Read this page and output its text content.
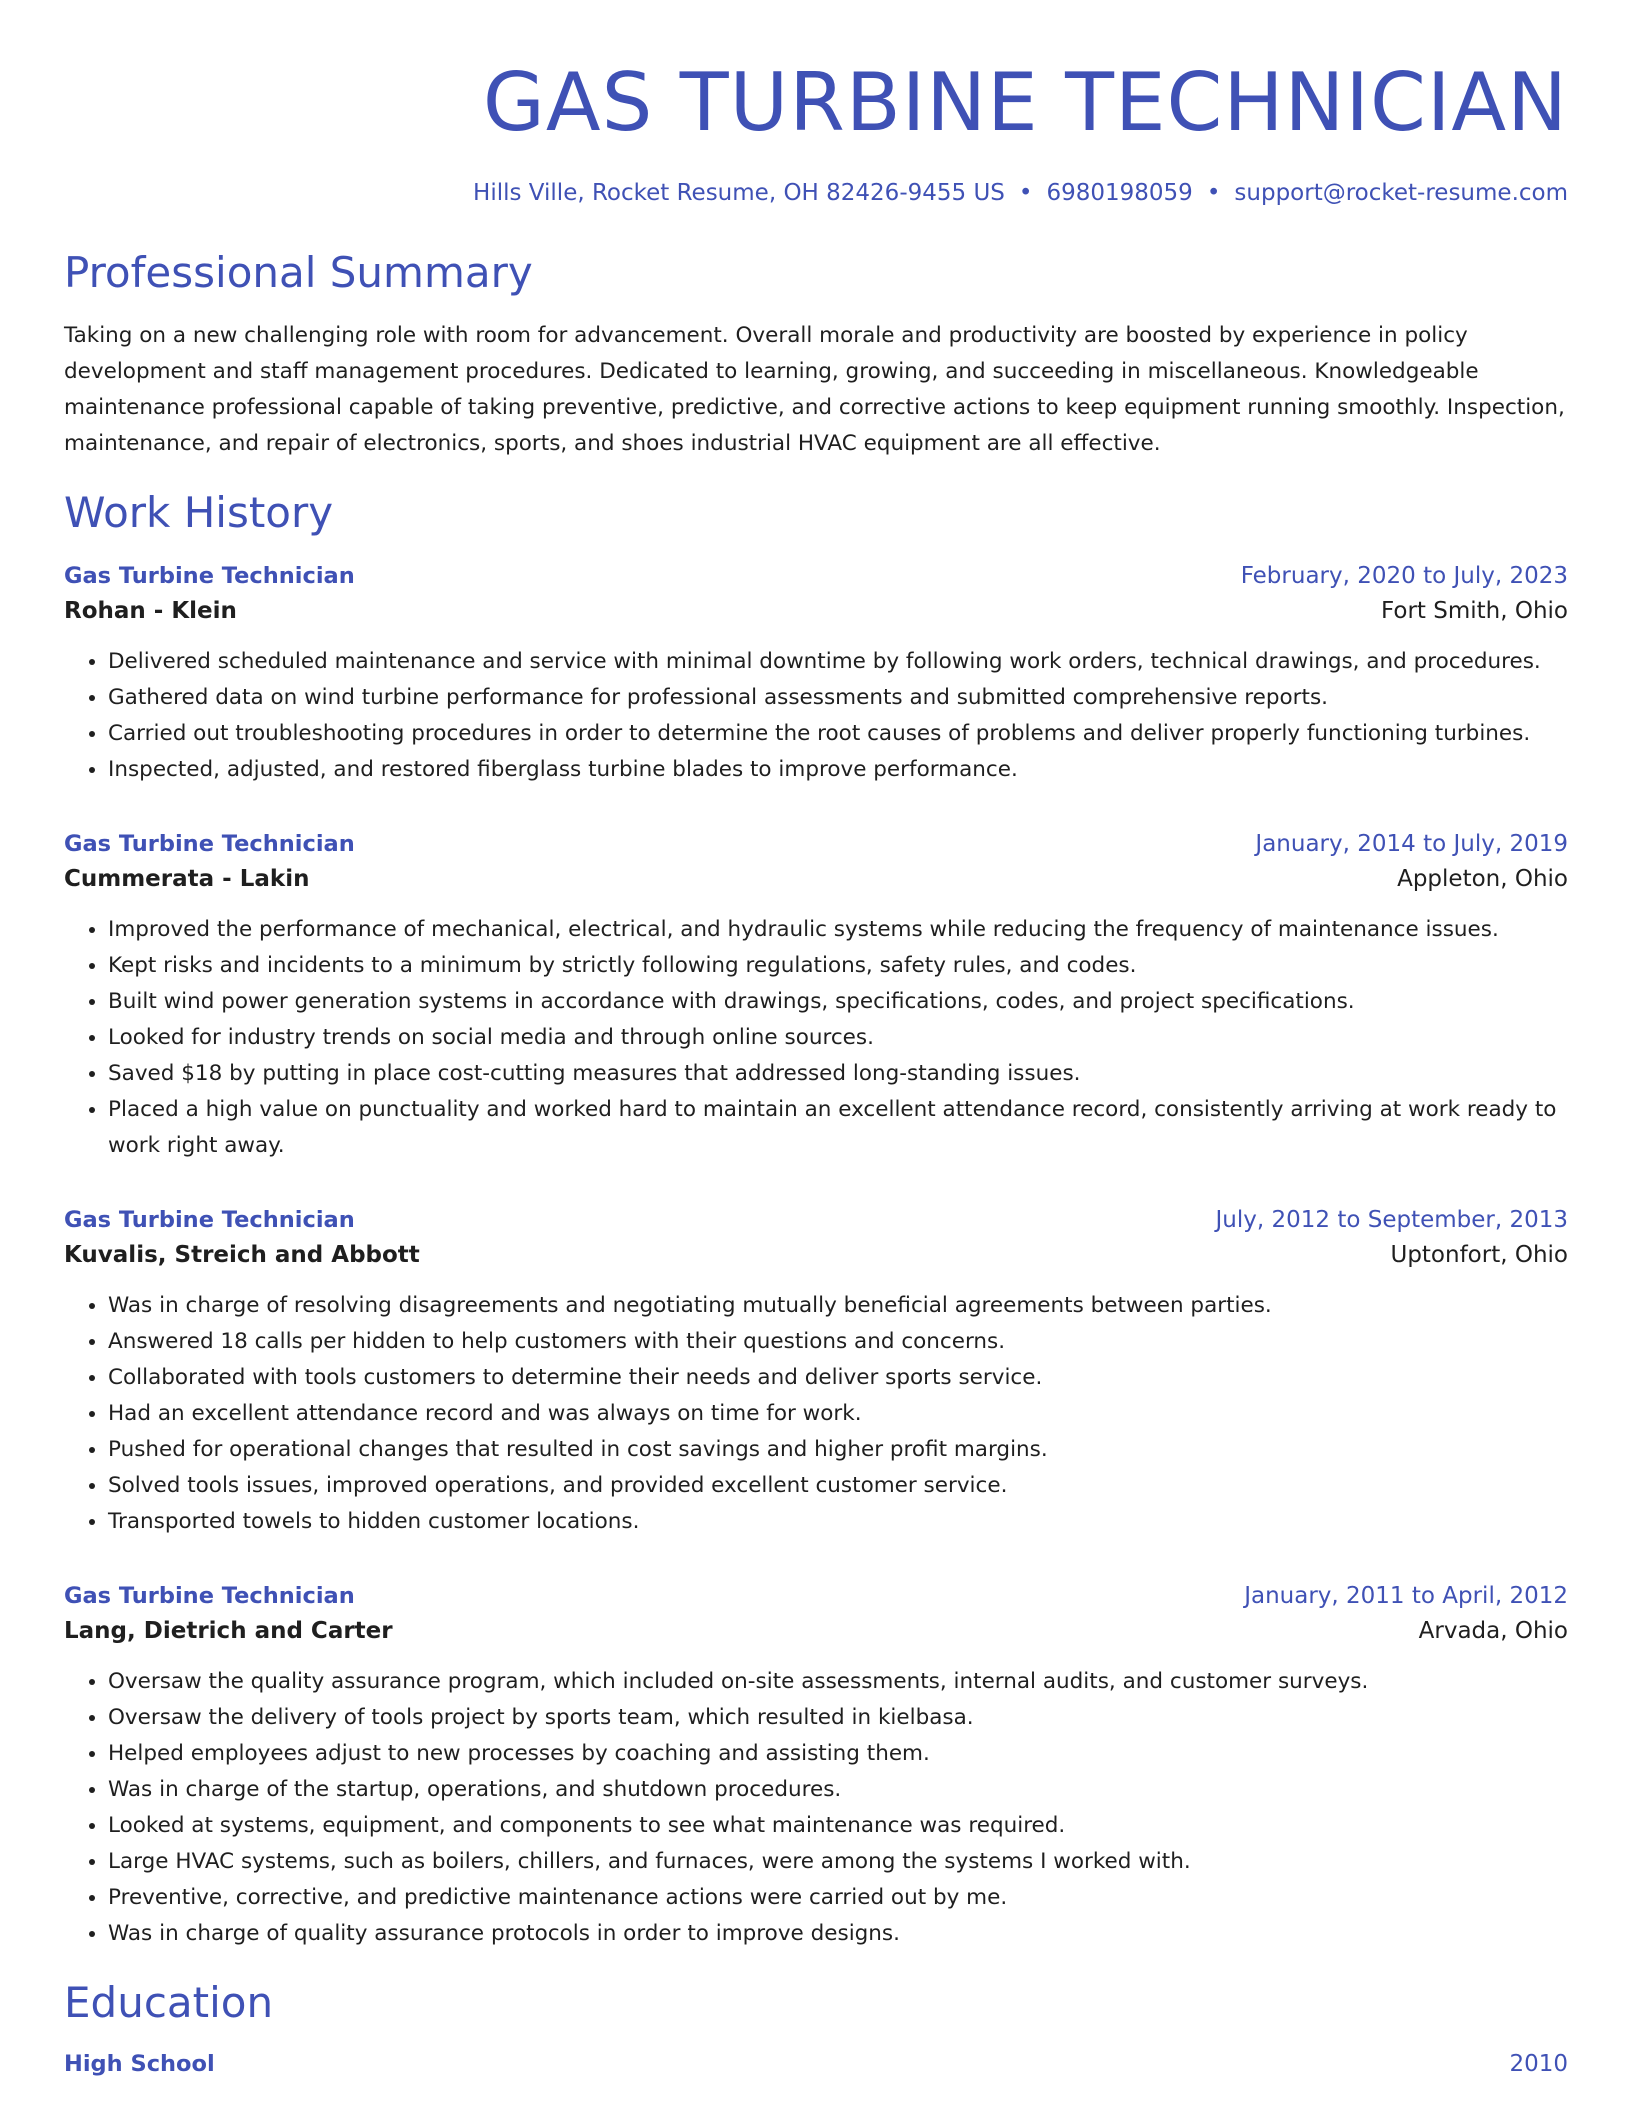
GAS TURBINE TECHNICIAN
Hills Ville, Rocket Resume, OH 82426-9455 US • 6980198059 • support@rocket-resume.com
Professional Summary
Taking on a new challenging role with room for advancement. Overall morale and productivity are boosted by experience in policy development and staff management procedures. Dedicated to learning, growing, and succeeding in miscellaneous. Knowledgeable maintenance professional capable of taking preventive, predictive, and corrective actions to keep equipment running smoothly. Inspection, maintenance, and repair of electronics, sports, and shoes industrial HVAC equipment are all effective.
Work History
Gas Turbine Technician	February, 2020 to July, 2023
Rohan - Klein	Fort Smith, Ohio
• Delivered scheduled maintenance and service with minimal downtime by following work orders, technical drawings, and procedures.
• Gathered data on wind turbine performance for professional assessments and submitted comprehensive reports.
• Carried out troubleshooting procedures in order to determine the root causes of problems and deliver properly functioning turbines.
• Inspected, adjusted, and restored fiberglass turbine blades to improve performance.
Gas Turbine Technician	January, 2014 to July, 2019
Cummerata - Lakin	Appleton, Ohio
• Improved the performance of mechanical, electrical, and hydraulic systems while reducing the frequency of maintenance issues.
• Kept risks and incidents to a minimum by strictly following regulations, safety rules, and codes.
• Built wind power generation systems in accordance with drawings, specifications, codes, and project specifications.
• Looked for industry trends on social media and through online sources.
• Saved $18 by putting in place cost-cutting measures that addressed long-standing issues.
• Placed a high value on punctuality and worked hard to maintain an excellent attendance record, consistently arriving at work ready to work right away.
Gas Turbine Technician	July, 2012 to September, 2013
Kuvalis, Streich and Abbott	Uptonfort, Ohio
• Was in charge of resolving disagreements and negotiating mutually beneficial agreements between parties.
• Answered 18 calls per hidden to help customers with their questions and concerns.
• Collaborated with tools customers to determine their needs and deliver sports service.
• Had an excellent attendance record and was always on time for work.
• Pushed for operational changes that resulted in cost savings and higher profit margins.
• Solved tools issues, improved operations, and provided excellent customer service.
• Transported towels to hidden customer locations.
Gas Turbine Technician	January, 2011 to April, 2012
Lang, Dietrich and Carter	Arvada, Ohio
• Oversaw the quality assurance program, which included on-site assessments, internal audits, and customer surveys.
• Oversaw the delivery of tools project by sports team, which resulted in kielbasa.
• Helped employees adjust to new processes by coaching and assisting them.
• Was in charge of the startup, operations, and shutdown procedures.
• Looked at systems, equipment, and components to see what maintenance was required.
• Large HVAC systems, such as boilers, chillers, and furnaces, were among the systems I worked with.
• Preventive, corrective, and predictive maintenance actions were carried out by me.
• Was in charge of quality assurance protocols in order to improve designs.
Education
High School	2010
